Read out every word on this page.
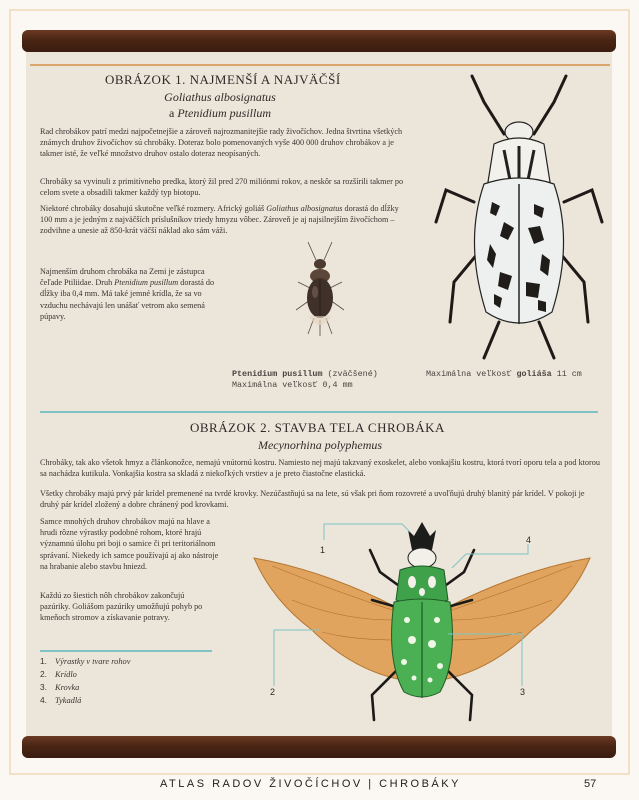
OBRÁZOK 1. NAJMENŠÍ A NAJVÄČŠÍ

Goliathus albosignatus

a Ptenidium pusillum

Rad chrobákov patrí medzi najpočetnejšie a zároveň najrozmanitejšie rady živočíchov. Jedna štvrtina všetkých známych druhov živočíchov sú chrobáky. Doteraz bolo pomenovaných vyše 400 000 druhov chrobákov a je takmer isté, že veľké množstvo druhov ostalo doteraz neopísaných.

Chrobáky sa vyvinuli z primitívneho predka, ktorý žil pred 270 miliónmi rokov, a neskôr sa rozšírili takmer po celom svete a obsadili takmer každý typ biotopu.

Niektoré chrobáky dosahujú skutočne veľké rozmery. Africký goliáš Goliathus albosignatus dorastá do dĺžky 100 mm a je jedným z najväčších príslušníkov triedy hmyzu vôbec. Zároveň je aj najsilnejším živočíchom – zodvihne a unesie až 850-krát väčší náklad ako sám váži.

Najmenším druhom chrobáka na Zemi je zástupca čeľade Ptiliidae. Druh Ptenidium pusillum dorastá do dĺžky iba 0,4 mm. Má také jemné krídla, že sa vo vzduchu nechávajú len unášať vetrom ako semená púpavy.

Ptenidium pusillum (zväčšené)
Maximálna veľkosť 0,4 mm

Maximálna veľkosť goliáša 11 cm

OBRÁZOK 2. STAVBA TELA CHROBÁKA

Mecynorhina polyphemus

Chrobáky, tak ako všetok hmyz a článkonožce, nemajú vnútornú kostru. Namiesto nej majú takzvaný exoskelet, alebo vonkajšiu kostru, ktorá tvorí oporu tela a pod ktorou sa nachádza kutikula. Vonkajšia kostra sa skladá z niekoľkých vrstiev a je preto čiastočne elastická.

Všetky chrobáky majú prvý pár krídel premenené na tvrdé krovky. Nezúčastňujú sa na lete, sú však pri ňom rozovreté a uvoľňujú druhý blanitý pár krídel. V pokoji je druhý pár krídel zložený a dobre chránený pod krovkami.

Samce mnohých druhov chrobákov majú na hlave a hrudi rôzne výrastky podobné rohom, ktoré hrajú významnú úlohu pri boji o samice či pri teritoriálnom správaní. Niekedy ich samce používajú aj ako nástroje na hrabanie alebo stavbu hniezd.

Každú zo šiestich nôh chrobákov zakončujú pazúriky. Goliášom pazúriky umožňujú pohyb po kmeňoch stromov a získavanie potravy.

1. Výrastky v tvare rohov
2. Krídlo
3. Krovka
4. Tykadlá
1
2	3
4
ATLAS RADOV ŽIVOČÍCHOV | CHROBÁKY	57
